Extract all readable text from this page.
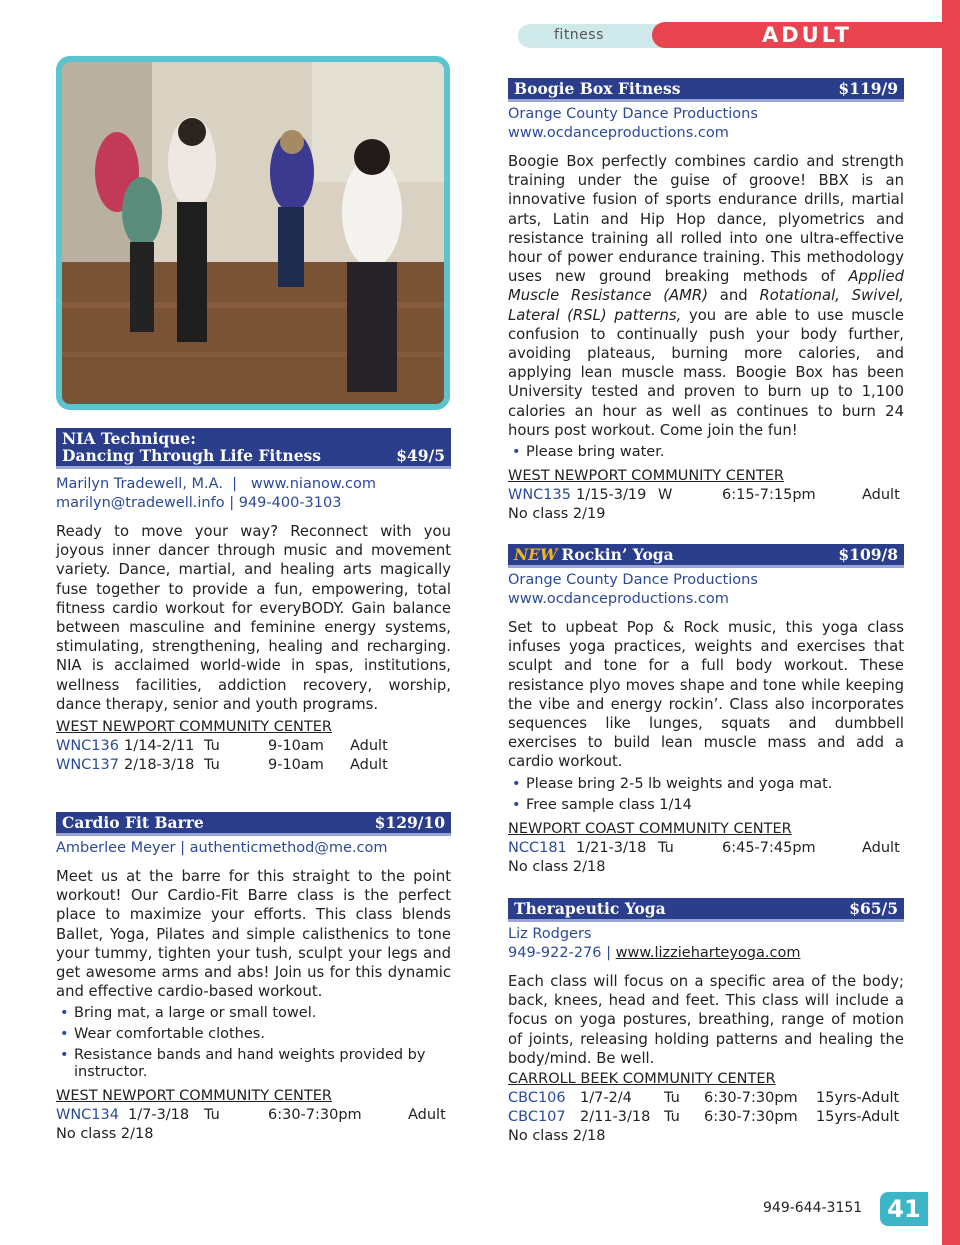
fitness	ADULT
NIA Technique:
Dancing Through Life Fitness	$49/5
Marilyn Tradewell, M.A.  |   www.nianow.com
marilyn@tradewell.info | 949-400-3103

Ready to move your way? Reconnect with you joyous inner dancer through music and movement variety. Dance, martial, and healing arts magically fuse together to provide a fun, empowering, total fitness cardio workout for everyBODY. Gain balance between masculine and feminine energy systems, stimulating, strengthening, healing and recharging. NIA is acclaimed world-wide in spas, institutions, wellness facilities, addiction recovery, worship, dance therapy, senior and youth programs.

WEST NEWPORT COMMUNITY CENTER
WNC136 1/14-2/11 Tu	9-10am	Adult
WNC137 2/18-3/18 Tu	9-10am	Adult
Cardio Fit Barre	$129/10
Amberlee Meyer | authenticmethod@me.com

Meet us at the barre for this straight to the point workout! Our Cardio-Fit Barre class is the perfect place to maximize your efforts. This class blends Ballet, Yoga, Pilates and simple calisthenics to tone your tummy, tighten your tush, sculpt your legs and get awesome arms and abs! Join us for this dynamic and effective cardio-based workout.

• Bring mat, a large or small towel.
• Wear comfortable clothes.
• Resistance bands and hand weights provided by instructor.
WEST NEWPORT COMMUNITY CENTER
WNC134 1/7-3/18	Tu	6:30-7:30pm	Adult
No class 2/18
Boogie Box Fitness	$119/9
Orange County Dance Productions
www.ocdanceproductions.com

Boogie Box perfectly combines cardio and strength training under the guise of groove! BBX is an innovative fusion of sports endurance drills, martial arts, Latin and Hip Hop dance, plyometrics and resistance training all rolled into one ultra-effective hour of power endurance training. This methodology uses new ground breaking methods of Applied Muscle Resistance (AMR) and Rotational, Swivel, Lateral (RSL) patterns, you are able to use muscle confusion to continually push your body further, avoiding plateaus, burning more calories, and applying lean muscle mass. Boogie Box has been University tested and proven to burn up to 1,100 calories an hour as well as continues to burn 24 hours post workout. Come join the fun!

• Please bring water.
WEST NEWPORT COMMUNITY CENTER
WNC135 1/15-3/19 W	6:15-7:15pm	Adult
No class 2/19
NEW Rockin’ Yoga	$109/8
Orange County Dance Productions
www.ocdanceproductions.com

Set to upbeat Pop & Rock music, this yoga class infuses yoga practices, weights and exercises that sculpt and tone for a full body workout. These resistance plyo moves shape and tone while keeping the vibe and energy rockin’. Class also incorporates sequences like lunges, squats and dumbbell exercises to build lean muscle mass and add a cardio workout.

• Please bring 2-5 lb weights and yoga mat.
• Free sample class 1/14
NEWPORT COAST COMMUNITY CENTER
NCC181 1/21-3/18 Tu	6:45-7:45pm	Adult
No class 2/18
Therapeutic Yoga	$65/5
Liz Rodgers
949-922-276 | www.lizzieharteyoga.com

Each class will focus on a specific area of the body; back, knees, head and feet. This class will include a focus on yoga postures, breathing, range of motion of joints, releasing holding patterns and healing the body/mind. Be well.

CARROLL BEEK COMMUNITY CENTER
CBC106 1/7-2/4	Tu	6:30-7:30pm	15yrs-Adult
CBC107 2/11-3/18 Tu	6:30-7:30pm	15yrs-Adult
No class 2/18
949-644-3151	41
